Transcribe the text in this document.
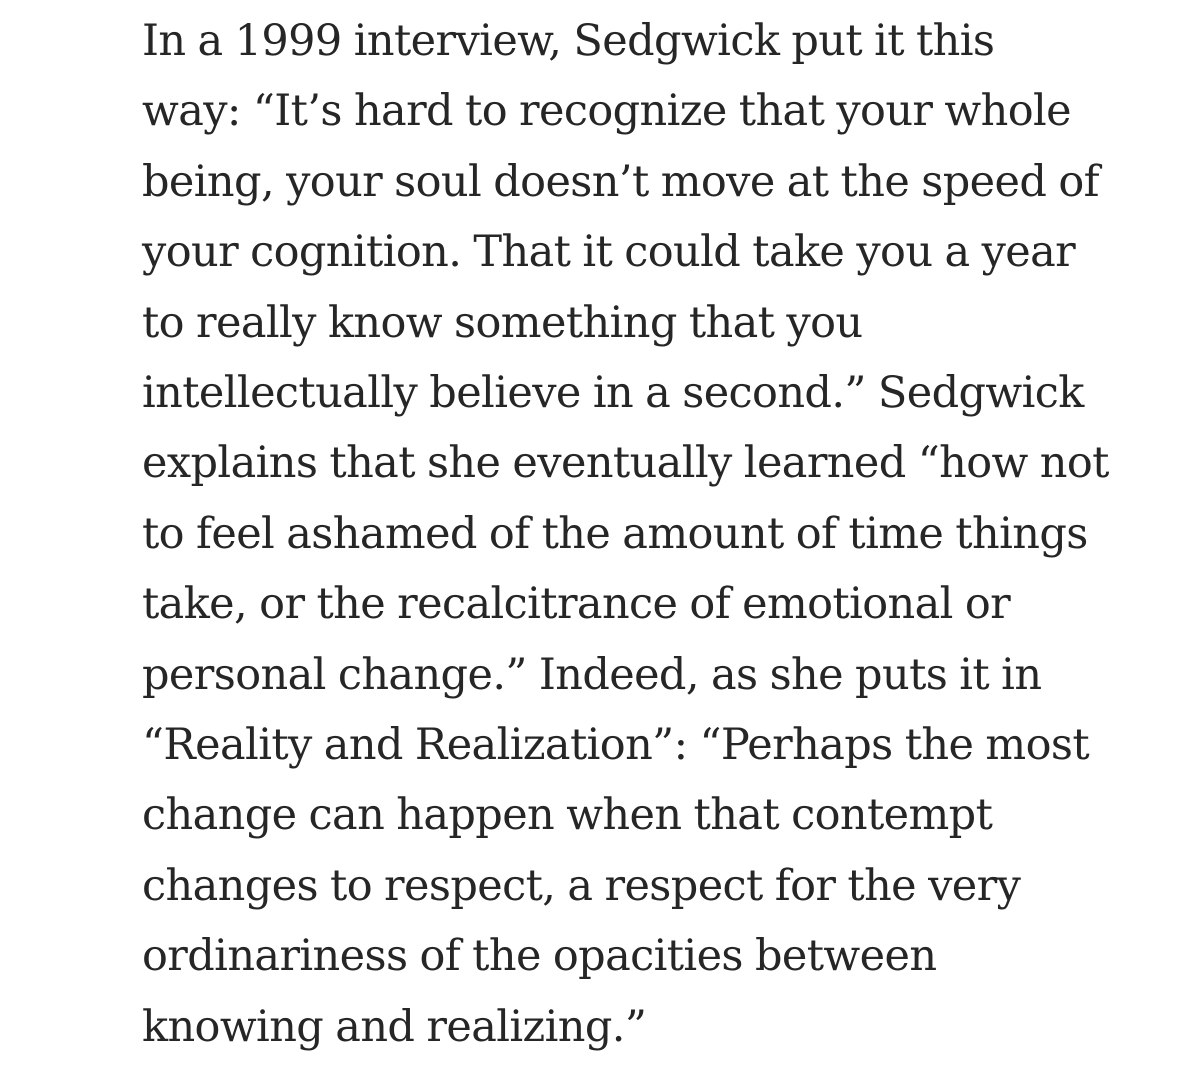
In a 1999 interview, Sedgwick put it this
way: “It’s hard to recognize that your whole
being, your soul doesn’t move at the speed of
your cognition. That it could take you a year
to really know something that you
intellectually believe in a second.” Sedgwick
explains that she eventually learned “how not
to feel ashamed of the amount of time things
take, or the recalcitrance of emotional or
personal change.” Indeed, as she puts it in
“Reality and Realization”: “Perhaps the most
change can happen when that contempt
changes to respect, a respect for the very
ordinariness of the opacities between
knowing and realizing.”
